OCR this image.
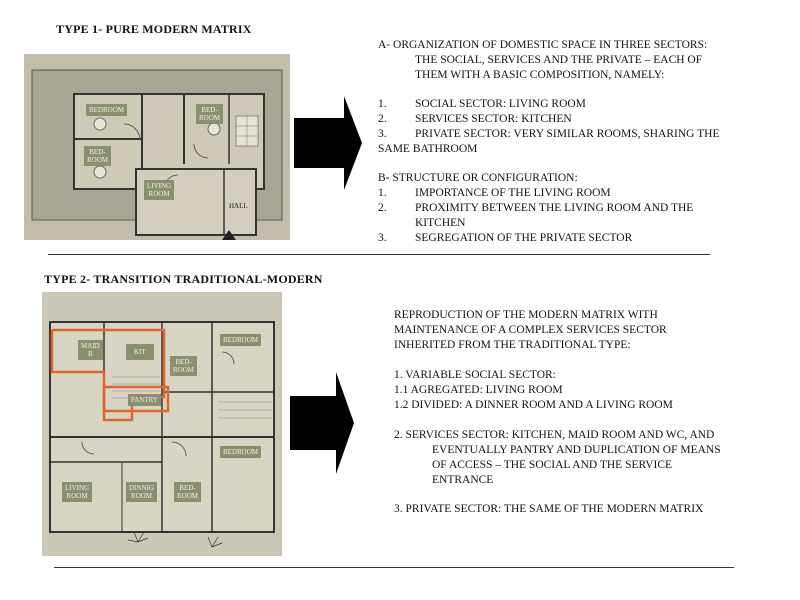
TYPE 1- PURE MODERN MATRIX
BEDROOM	BED-
ROOM
BED-
ROOM
LIVING
ROOM
HALL
A- ORGANIZATION OF DOMESTIC SPACE IN THREE SECTORS:
THE SOCIAL, SERVICES AND THE PRIVATE – EACH OF
THEM WITH A BASIC COMPOSITION, NAMELY:
1. SOCIAL SECTOR: LIVING ROOM
2. SERVICES SECTOR: KITCHEN
3. PRIVATE SECTOR: VERY SIMILAR ROOMS, SHARING THE
SAME BATHROOM
B- STRUCTURE OR CONFIGURATION:
1. IMPORTANCE OF THE LIVING ROOM
2. PROXIMITY BETWEEN THE LIVING ROOM AND THE
KITCHEN
3. SEGREGATION OF THE PRIVATE SECTOR
TYPE 2- TRANSITION TRADITIONAL-MODERN
MAID
B	KIT
BED-
ROOM
BEDROOM
PANTRY
BEDROOM
LIVING
ROOM
DINNIG
ROOM
BED-
ROOM
REPRODUCTION OF THE MODERN MATRIX WITH
MAINTENANCE OF A COMPLEX SERVICES SECTOR
INHERITED FROM THE TRADITIONAL TYPE:
1. VARIABLE SOCIAL SECTOR:
1.1 AGREGATED: LIVING ROOM
1.2 DIVIDED: A DINNER ROOM AND A LIVING ROOM
2. SERVICES SECTOR: KITCHEN, MAID ROOM AND WC, AND
EVENTUALLY PANTRY AND DUPLICATION OF MEANS
OF ACCESS – THE SOCIAL AND THE SERVICE
ENTRANCE
3. PRIVATE SECTOR: THE SAME OF THE MODERN MATRIX
